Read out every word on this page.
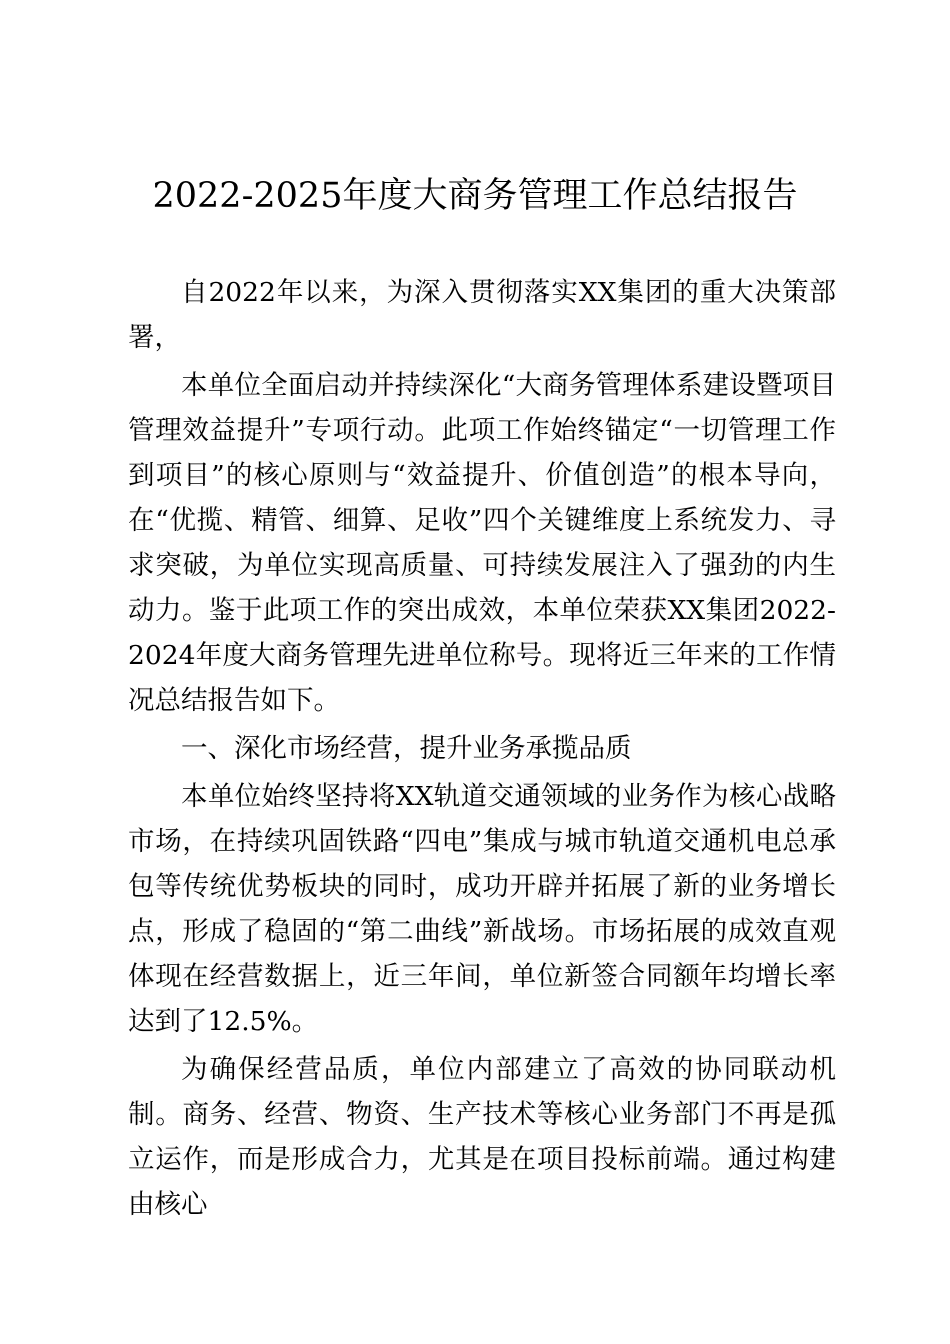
2022-2025年度大商务管理工作总结报告

自2022年以来，为深入贯彻落实XX集团的重大决策部署，

本单位全面启动并持续深化“大商务管理体系建设暨项目管理效益提升”专项行动。此项工作始终锚定“一切管理工作到项目”的核心原则与“效益提升、价值创造”的根本导向，在“优揽、精管、细算、足收”四个关键维度上系统发力、寻求突破，为单位实现高质量、可持续发展注入了强劲的内生动力。鉴于此项工作的突出成效，本单位荣获XX集团2022-2024年度大商务管理先进单位称号。现将近三年来的工作情况总结报告如下。

一、深化市场经营，提升业务承揽品质

本单位始终坚持将XX轨道交通领域的业务作为核心战略市场，在持续巩固铁路“四电”集成与城市轨道交通机电总承包等传统优势板块的同时，成功开辟并拓展了新的业务增长点，形成了稳固的“第二曲线”新战场。市场拓展的成效直观体现在经营数据上，近三年间，单位新签合同额年均增长率达到了12.5%。

为确保经营品质，单位内部建立了高效的协同联动机制。商务、经营、物资、生产技术等核心业务部门不再是孤立运作，而是形成合力，尤其是在项目投标前端。通过构建由核心
